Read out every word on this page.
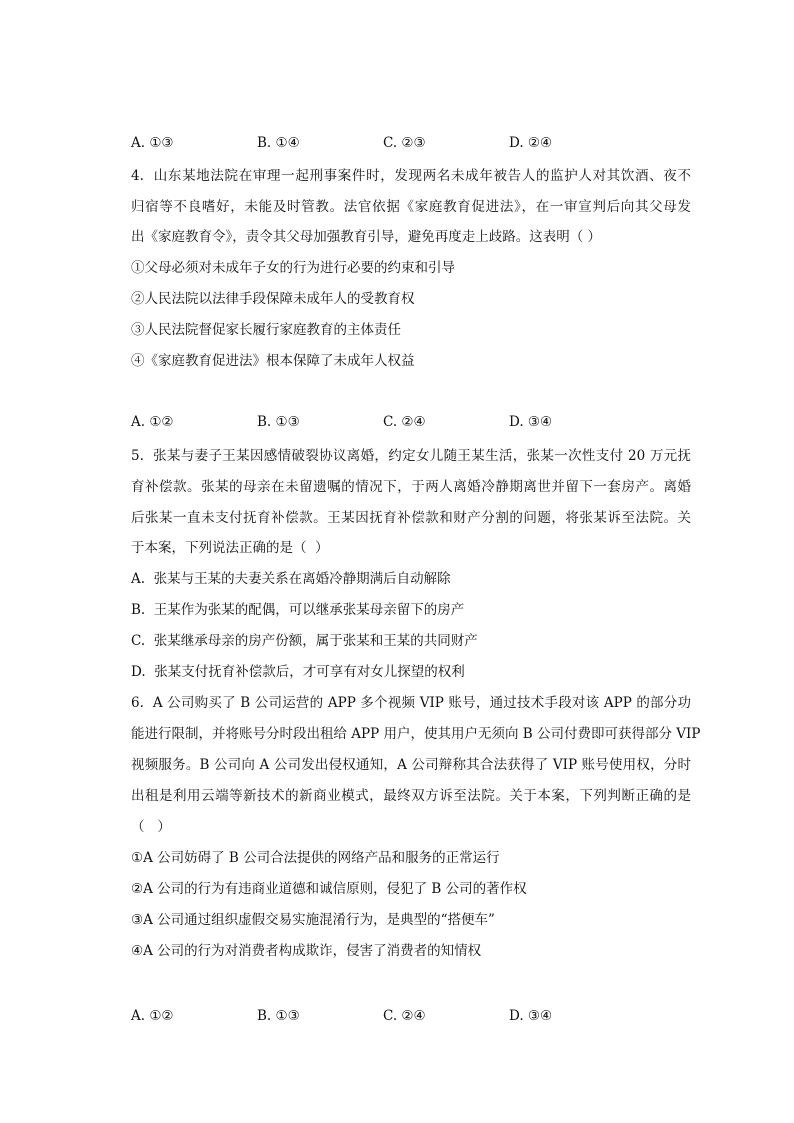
A. ①③	B. ①④	C. ②③	D. ②④
4.  山东某地法院在审理一起刑事案件时，发现两名未成年被告人的监护人对其饮酒、夜不
归宿等不良嗜好，未能及时管教。法官依据《家庭教育促进法》，在一审宣判后向其父母发
出《家庭教育令》，责令其父母加强教育引导，避免再度走上歧路。这表明（ ）
①父母必须对未成年子女的行为进行必要的约束和引导
②人民法院以法律手段保障未成年人的受教育权
③人民法院督促家长履行家庭教育的主体责任
④《家庭教育促进法》根本保障了未成年人权益
A. ①②	B. ①③	C. ②④	D. ③④
5.  张某与妻子王某因感情破裂协议离婚，约定女儿随王某生活，张某一次性支付 20 万元抚
育补偿款。张某的母亲在未留遗嘱的情况下，于两人离婚冷静期离世并留下一套房产。离婚
后张某一直未支付抚育补偿款。王某因抚育补偿款和财产分割的问题，将张某诉至法院。关
于本案，下列说法正确的是（  ）
A.  张某与王某的夫妻关系在离婚冷静期满后自动解除
B.  王某作为张某的配偶，可以继承张某母亲留下的房产
C.  张某继承母亲的房产份额，属于张某和王某的共同财产
D.  张某支付抚育补偿款后，才可享有对女儿探望的权利
6.  A 公司购买了 B 公司运营的 APP 多个视频 VIP 账号，通过技术手段对该 APP 的部分功
能进行限制，并将账号分时段出租给 APP 用户，使其用户无须向 B 公司付费即可获得部分 VIP
视频服务。B 公司向 A 公司发出侵权通知，A 公司辩称其合法获得了 VIP 账号使用权，分时
出租是利用云端等新技术的新商业模式，最终双方诉至法院。关于本案，下列判断正确的是
（   ）
①A 公司妨碍了 B 公司合法提供的网络产品和服务的正常运行
②A 公司的行为有违商业道德和诚信原则，侵犯了 B 公司的著作权
③A 公司通过组织虚假交易实施混淆行为，是典型的“搭便车”
④A 公司的行为对消费者构成欺诈，侵害了消费者的知情权
A. ①②	B. ①③	C. ②④	D. ③④
